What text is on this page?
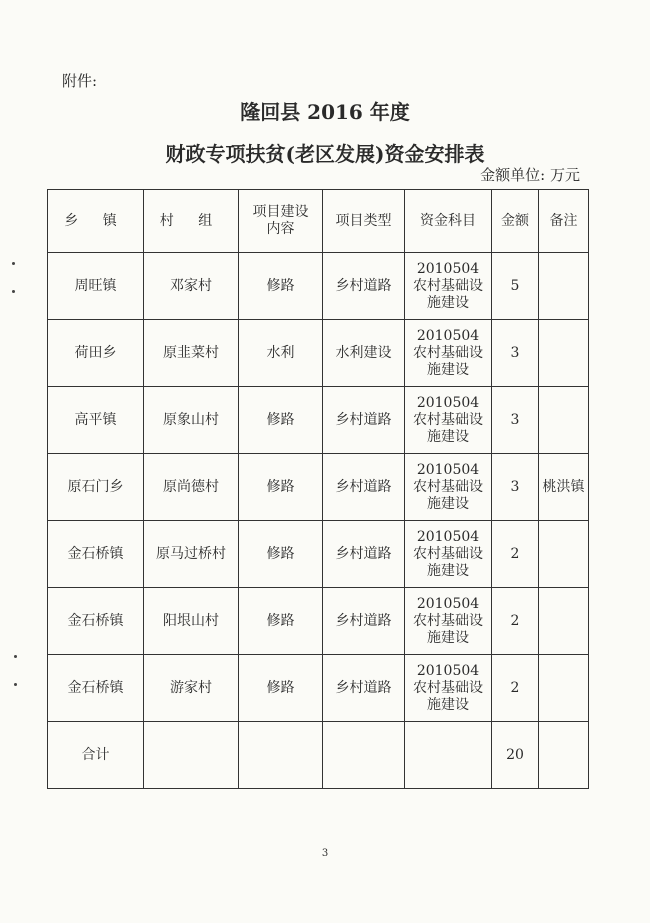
附件:
隆回县 2016 年度
财政专项扶贫(老区发展)资金安排表
金额单位: 万元
乡 镇	村 组	项目建设内容	项目类型	资金科目	金额	备注
周旺镇	邓家村	修路	乡村道路	2010504 农村基础设施建设	5	
荷田乡	原韭菜村	水利	水利建设	2010504 农村基础设施建设	3	
高平镇	原象山村	修路	乡村道路	2010504 农村基础设施建设	3	
原石门乡	原尚德村	修路	乡村道路	2010504 农村基础设施建设	3	桃洪镇
金石桥镇	原马过桥村	修路	乡村道路	2010504 农村基础设施建设	2	
金石桥镇	阳垠山村	修路	乡村道路	2010504 农村基础设施建设	2	
金石桥镇	游家村	修路	乡村道路	2010504 农村基础设施建设	2	
合计					20	
3
